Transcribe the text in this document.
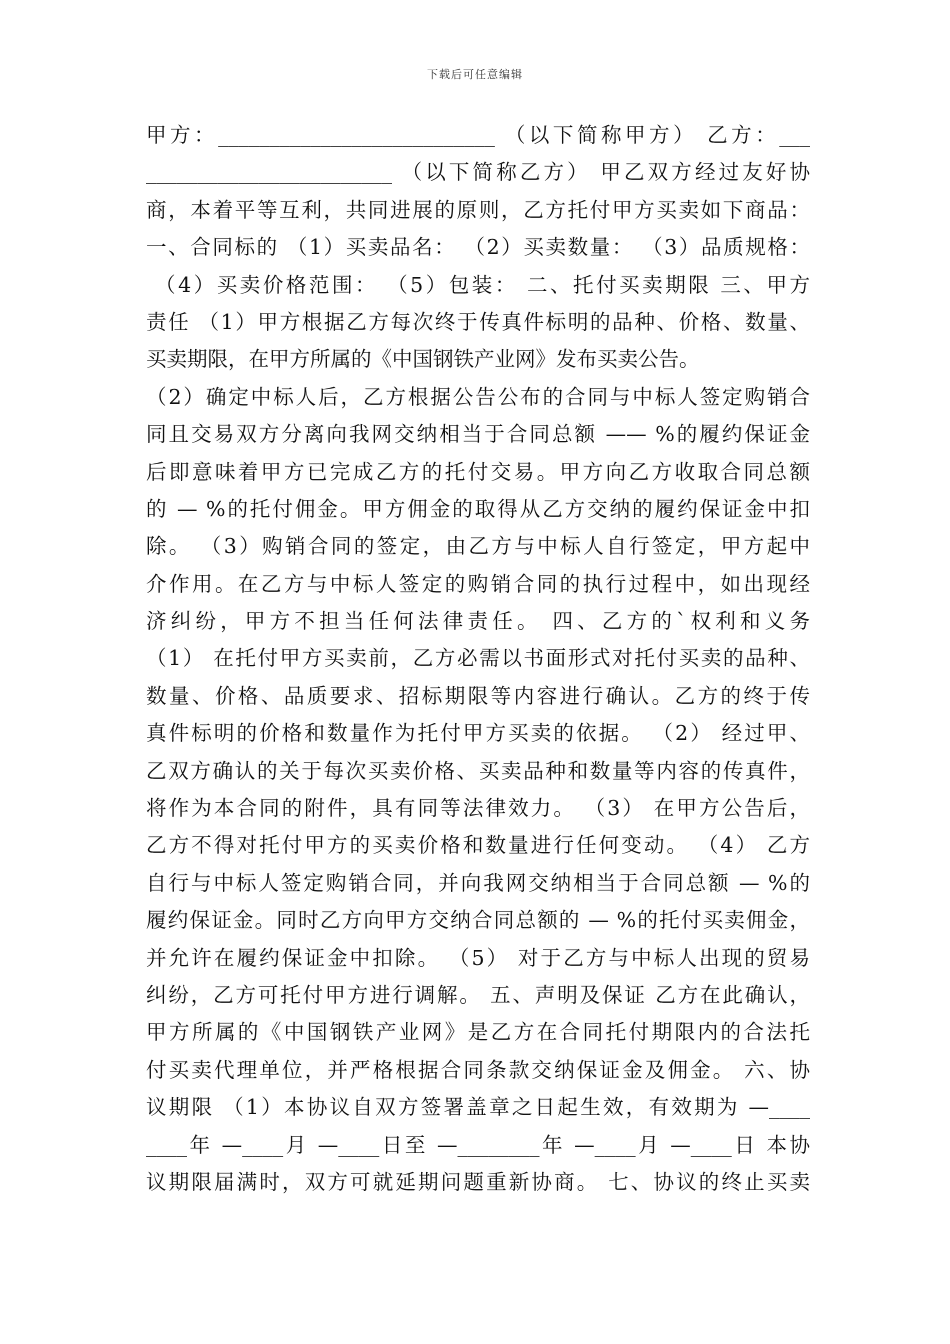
下载后可任意编辑
甲方：___________________________ （以下简称甲方） 乙方：___
________________________ （以下简称乙方） 甲乙双方经过友好协
商，本着平等互利，共同进展的原则，乙方托付甲方买卖如下商品：
一、合同标的 （1）买卖品名： （2）买卖数量： （3）品质规格：
（4）买卖价格范围： （5）包装： 二、托付买卖期限 三、甲方
责任 （1）甲方根据乙方每次终于传真件标明的品种、价格、数量、
买卖期限，在甲方所属的《中国钢铁产业网》发布买卖公告。
（2）确定中标人后，乙方根据公告公布的合同与中标人签定购销合
同且交易双方分离向我网交纳相当于合同总额 —— %的履约保证金
后即意味着甲方已完成乙方的托付交易。甲方向乙方收取合同总额
的 — %的托付佣金。甲方佣金的取得从乙方交纳的履约保证金中扣
除。 （3）购销合同的签定，由乙方与中标人自行签定，甲方起中
介作用。在乙方与中标人签定的购销合同的执行过程中，如出现经
济纠纷，甲方不担当任何法律责任。 四、乙方的`权利和义务
（1） 在托付甲方买卖前，乙方必需以书面形式对托付买卖的品种、
数量、价格、品质要求、招标期限等内容进行确认。乙方的终于传
真件标明的价格和数量作为托付甲方买卖的依据。 （2） 经过甲、
乙双方确认的关于每次买卖价格、买卖品种和数量等内容的传真件，
将作为本合同的附件，具有同等法律效力。 （3） 在甲方公告后，
乙方不得对托付甲方的买卖价格和数量进行任何变动。 （4） 乙方
自行与中标人签定购销合同，并向我网交纳相当于合同总额 — %的
履约保证金。同时乙方向甲方交纳合同总额的 — %的托付买卖佣金，
并允许在履约保证金中扣除。 （5） 对于乙方与中标人出现的贸易
纠纷，乙方可托付甲方进行调解。 五、声明及保证 乙方在此确认，
甲方所属的《中国钢铁产业网》是乙方在合同托付期限内的合法托
付买卖代理单位，并严格根据合同条款交纳保证金及佣金。 六、协
议期限 （1）本协议自双方签署盖章之日起生效，有效期为 —____
____年 —____月 —____日至 —________年 —____月 —____日 本协
议期限届满时，双方可就延期问题重新协商。 七、协议的终止买卖
